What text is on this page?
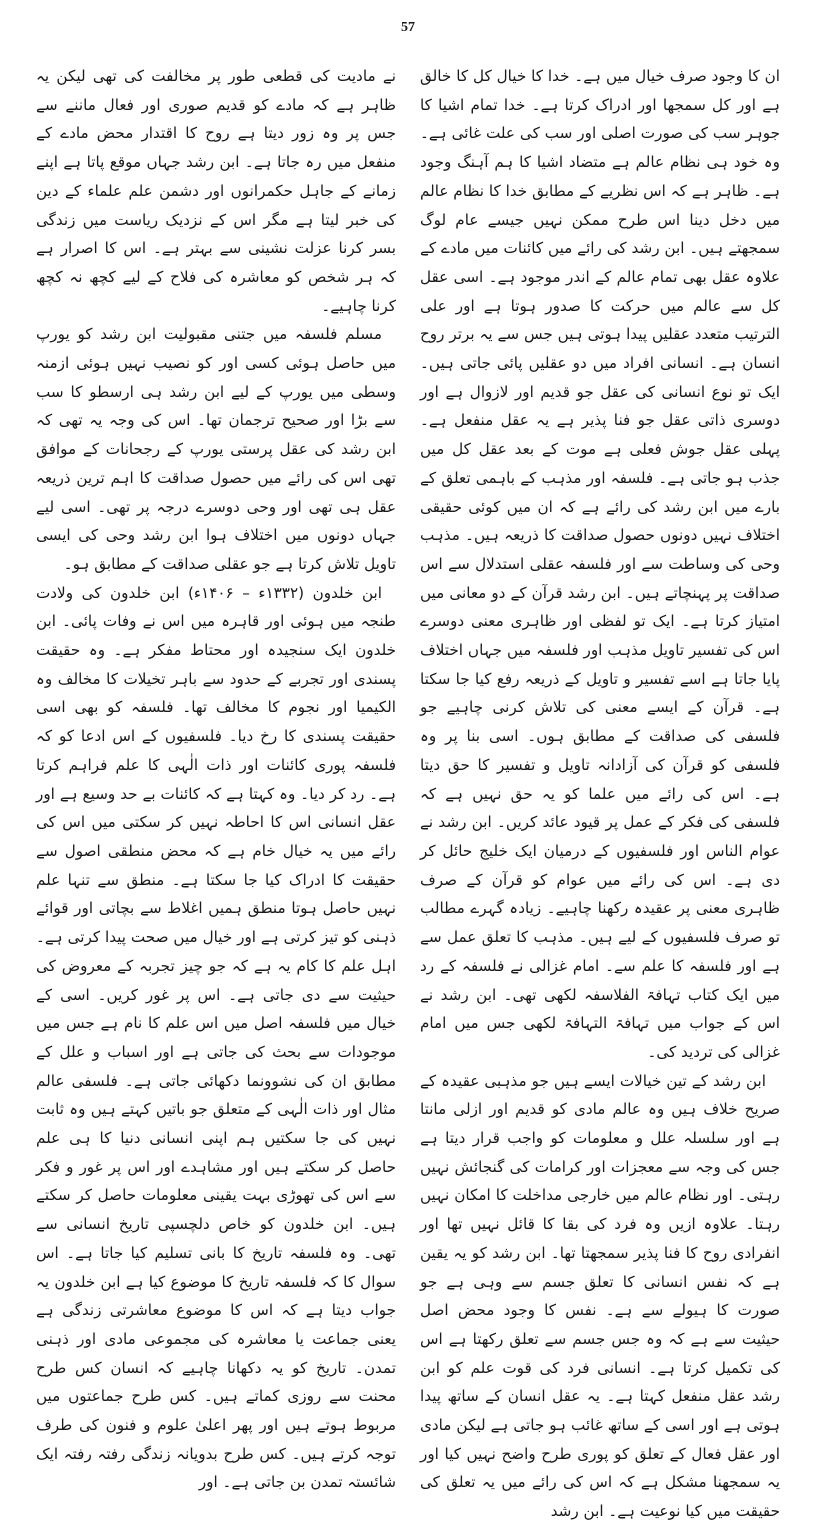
57

ان کا وجود صرف خیال میں ہے۔ خدا کا خیال کل کا خالق ہے اور کل سمجھا اور ادراک کرتا ہے۔ خدا تمام اشیا کا جوہر سب کی صورت اصلی اور سب کی علت غائی ہے۔ وہ خود ہی نظام عالم ہے متضاد اشیا کا ہم آہنگ وجود ہے۔ ظاہر ہے کہ اس نظریے کے مطابق خدا کا نظام عالم میں دخل دینا اس طرح ممکن نہیں جیسے عام لوگ سمجھتے ہیں۔ ابن رشد کی رائے میں کائنات میں مادے کے علاوہ عقل بھی تمام عالم کے اندر موجود ہے۔ اسی عقل کل سے عالم میں حرکت کا صدور ہوتا ہے اور علی الترتیب متعدد عقلیں پیدا ہوتی ہیں جس سے یہ برتر روح انسان ہے۔ انسانی افراد میں دو عقلیں پائی جاتی ہیں۔ ایک تو نوع انسانی کی عقل جو قدیم اور لازوال ہے اور دوسری ذاتی عقل جو فنا پذیر ہے یہ عقل منفعل ہے۔ پہلی عقل جوش فعلی ہے موت کے بعد عقل کل میں جذب ہو جاتی ہے۔ فلسفہ اور مذہب کے باہمی تعلق کے بارے میں ابن رشد کی رائے ہے کہ ان میں کوئی حقیقی اختلاف نہیں دونوں حصول صداقت کا ذریعہ ہیں۔ مذہب وحی کی وساطت سے اور فلسفہ عقلی استدلال سے اس صداقت پر پہنچاتے ہیں۔ ابن رشد قرآن کے دو معانی میں امتیاز کرتا ہے۔ ایک تو لفظی اور ظاہری معنی دوسرے اس کی تفسیر تاویل مذہب اور فلسفہ میں جہاں اختلاف پایا جاتا ہے اسے تفسیر و تاویل کے ذریعہ رفع کیا جا سکتا ہے۔ قرآن کے ایسے معنی کی تلاش کرنی چاہیے جو فلسفی کی صداقت کے مطابق ہوں۔ اسی بنا پر وہ فلسفی کو قرآن کی آزادانہ تاویل و تفسیر کا حق دیتا ہے۔ اس کی رائے میں علما کو یہ حق نہیں ہے کہ فلسفی کی فکر کے عمل پر قیود عائد کریں۔ ابن رشد نے عوام الناس اور فلسفیوں کے درمیان ایک خلیج حائل کر دی ہے۔ اس کی رائے میں عوام کو قرآن کے صرف ظاہری معنی پر عقیدہ رکھنا چاہیے۔ زیادہ گہرے مطالب تو صرف فلسفیوں کے لیے ہیں۔ مذہب کا تعلق عمل سے ہے اور فلسفہ کا علم سے۔ امام غزالی نے فلسفہ کے رد میں ایک کتاب تہافۃ الفلاسفہ لکھی تھی۔ ابن رشد نے اس کے جواب میں تہافۃ التہافۃ لکھی جس میں امام غزالی کی تردید کی۔

ابن رشد کے تین خیالات ایسے ہیں جو مذہبی عقیدہ کے صریح خلاف ہیں وہ عالم مادی کو قدیم اور ازلی مانتا ہے اور سلسلہ علل و معلومات کو واجب قرار دیتا ہے جس کی وجہ سے معجزات اور کرامات کی گنجائش نہیں رہتی۔ اور نظام عالم میں خارجی مداخلت کا امکان نہیں رہتا۔ علاوہ ازیں وہ فرد کی بقا کا قائل نہیں تھا اور انفرادی روح کا فنا پذیر سمجھتا تھا۔ ابن رشد کو یہ یقین ہے کہ نفس انسانی کا تعلق جسم سے وہی ہے جو صورت کا ہیولے سے ہے۔ نفس کا وجود محض اصل حیثیت سے ہے کہ وہ جس جسم سے تعلق رکھتا ہے اس کی تکمیل کرتا ہے۔ انسانی فرد کی قوت علم کو ابن رشد عقل منفعل کہتا ہے۔ یہ عقل انسان کے ساتھ پیدا ہوتی ہے اور اسی کے ساتھ غائب ہو جاتی ہے لیکن مادی اور عقل فعال کے تعلق کو پوری طرح واضح نہیں کیا اور یہ سمجھنا مشکل ہے کہ اس کی رائے میں یہ تعلق کی حقیقت میں کیا نوعیت ہے۔ ابن رشد

نے مادیت کی قطعی طور پر مخالفت کی تھی لیکن یہ ظاہر ہے کہ مادے کو قدیم صوری اور فعال ماننے سے جس پر وہ زور دیتا ہے روح کا اقتدار محض مادے کے منفعل میں رہ جاتا ہے۔ ابن رشد جہاں موقع پاتا ہے اپنے زمانے کے جاہل حکمرانوں اور دشمن علم علماء کے دین کی خبر لیتا ہے مگر اس کے نزدیک ریاست میں زندگی بسر کرنا عزلت نشینی سے بہتر ہے۔ اس کا اصرار ہے کہ ہر شخص کو معاشرہ کی فلاح کے لیے کچھ نہ کچھ کرنا چاہیے۔

مسلم فلسفہ میں جتنی مقبولیت ابن رشد کو یورپ میں حاصل ہوئی کسی اور کو نصیب نہیں ہوئی ازمنہ وسطی میں یورپ کے لیے ابن رشد ہی ارسطو کا سب سے بڑا اور صحیح ترجمان تھا۔ اس کی وجہ یہ تھی کہ ابن رشد کی عقل پرستی یورپ کے رجحانات کے موافق تھی اس کی رائے میں حصول صداقت کا اہم ترین ذریعہ عقل ہی تھی اور وحی دوسرے درجہ پر تھی۔ اسی لیے جہاں دونوں میں اختلاف ہوا ابن رشد وحی کی ایسی تاویل تلاش کرتا ہے جو عقلی صداقت کے مطابق ہو۔

ابن خلدون (۱۳۳۲ء – ۱۴۰۶ء) ابن خلدون کی ولادت طنجہ میں ہوئی اور قاہرہ میں اس نے وفات پائی۔ ابن خلدون ایک سنجیدہ اور محتاط مفکر ہے۔ وہ حقیقت پسندی اور تجربے کے حدود سے باہر تخیلات کا مخالف وہ الکیمیا اور نجوم کا مخالف تھا۔ فلسفہ کو بھی اسی حقیقت پسندی کا رخ دیا۔ فلسفیوں کے اس ادعا کو کہ فلسفہ پوری کائنات اور ذات الٰہی کا علم فراہم کرتا ہے۔ رد کر دیا۔ وہ کہتا ہے کہ کائنات بے حد وسیع ہے اور عقل انسانی اس کا احاطہ نہیں کر سکتی میں اس کی رائے میں یہ خیال خام ہے کہ محض منطقی اصول سے حقیقت کا ادراک کیا جا سکتا ہے۔ منطق سے تنہا علم نہیں حاصل ہوتا منطق ہمیں اغلاط سے بچاتی اور قوائے ذہنی کو تیز کرتی ہے اور خیال میں صحت پیدا کرتی ہے۔ اہل علم کا کام یہ ہے کہ جو چیز تجربہ کے معروض کی حیثیت سے دی جاتی ہے۔ اس پر غور کریں۔ اسی کے خیال میں فلسفہ اصل میں اس علم کا نام ہے جس میں موجودات سے بحث کی جاتی ہے اور اسباب و علل کے مطابق ان کی نشوونما دکھائی جاتی ہے۔ فلسفی عالم مثال اور ذات الٰہی کے متعلق جو باتیں کہتے ہیں وہ ثابت نہیں کی جا سکتیں ہم اپنی انسانی دنیا کا ہی علم حاصل کر سکتے ہیں اور مشاہدے اور اس پر غور و فکر سے اس کی تھوڑی بہت یقینی معلومات حاصل کر سکتے ہیں۔ ابن خلدون کو خاص دلچسپی تاریخ انسانی سے تھی۔ وہ فلسفہ تاریخ کا بانی تسلیم کیا جاتا ہے۔ اس سوال کا کہ فلسفہ تاریخ کا موضوع کیا ہے ابن خلدون یہ جواب دیتا ہے کہ اس کا موضوع معاشرتی زندگی ہے یعنی جماعت یا معاشرہ کی مجموعی مادی اور ذہنی تمدن۔ تاریخ کو یہ دکھانا چاہیے کہ انسان کس طرح محنت سے روزی کماتے ہیں۔ کس طرح جماعتوں میں مربوط ہوتے ہیں اور پھر اعلیٰ علوم و فنون کی طرف توجہ کرتے ہیں۔ کس طرح بدویانہ زندگی رفتہ رفتہ ایک شائستہ تمدن بن جاتی ہے۔ اور
